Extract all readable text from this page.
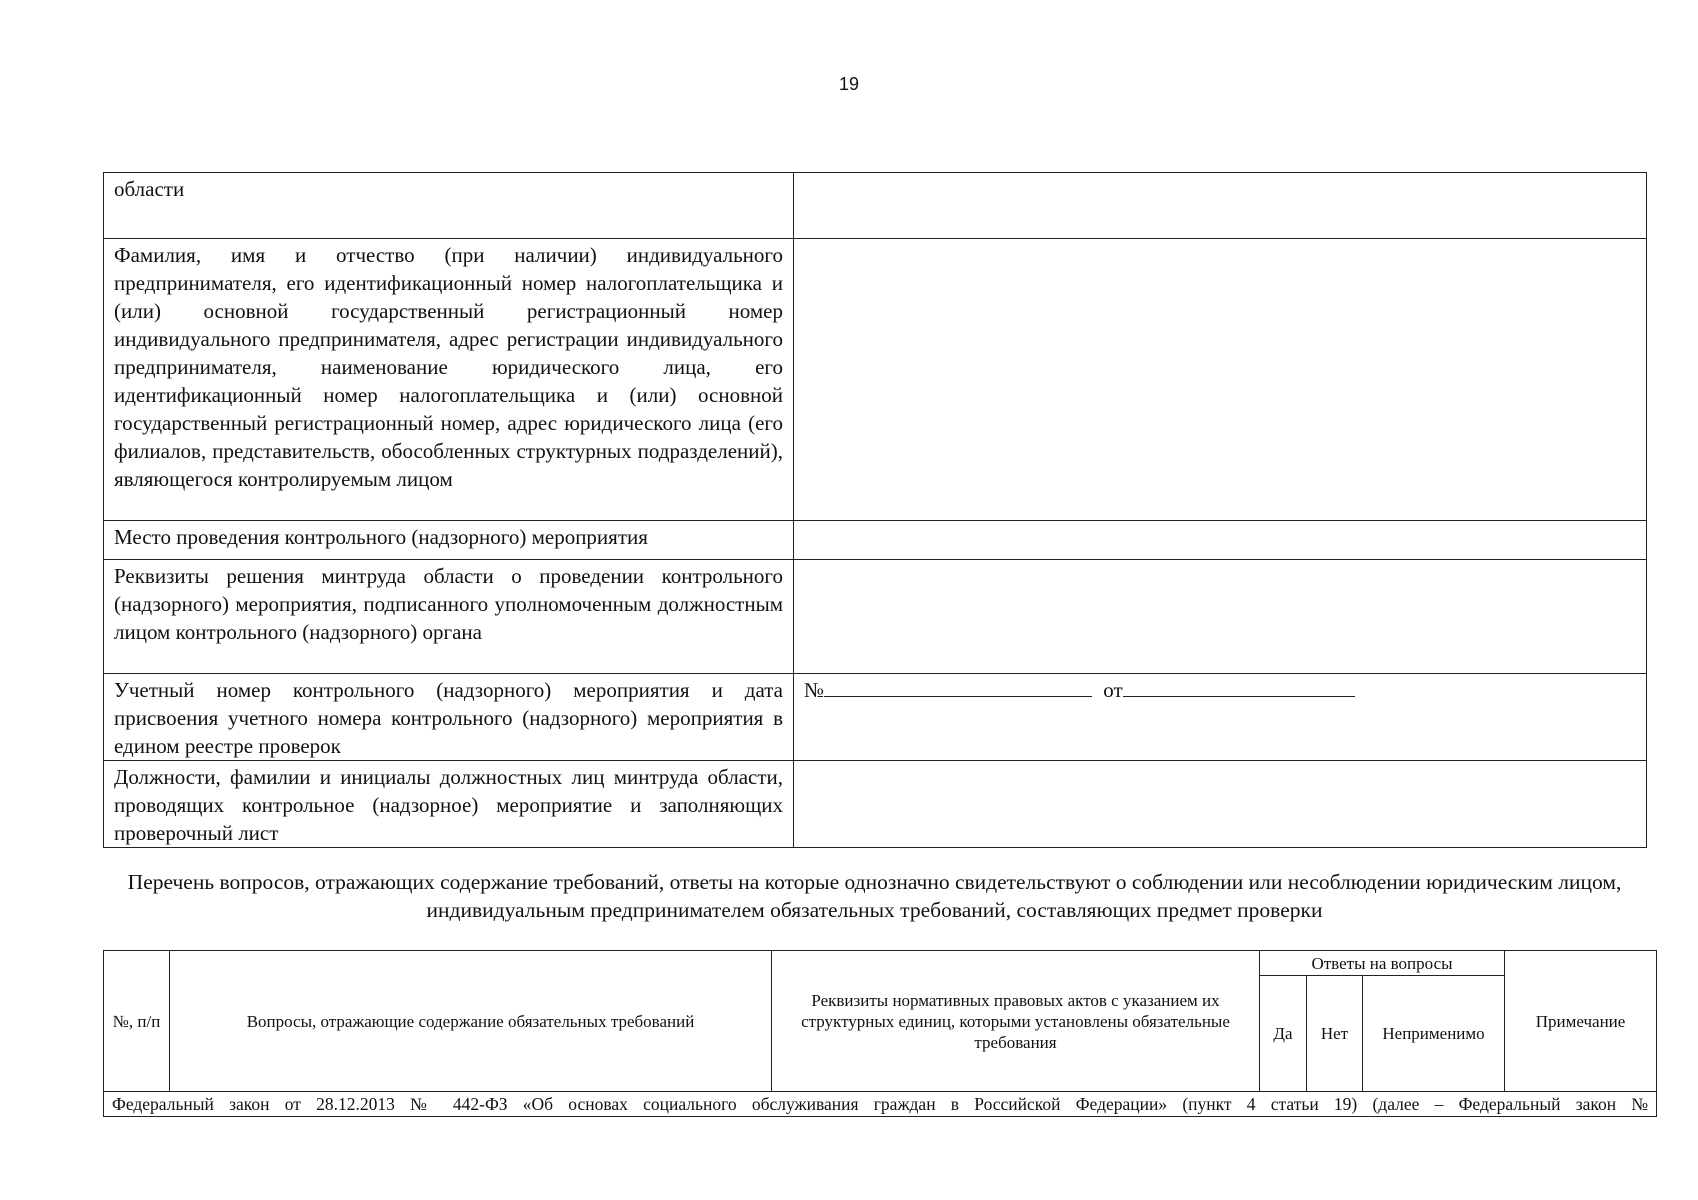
19
области	
Фамилия, имя и отчество (при наличии) индивидуального предпринимателя, его идентификационный номер налогоплательщика и (или) основной государственный регистрационный номер индивидуального предпринимателя, адрес регистрации индивидуального предпринимателя, наименование юридического лица, его идентификационный номер налогоплательщика и (или) основной государственный регистрационный номер, адрес юридического лица (его филиалов, представительств, обособленных структурных подразделений), являющегося контролируемым лицом	
Место проведения контрольного (надзорного) мероприятия	
Реквизиты решения минтруда области о проведении контрольного (надзорного) мероприятия, подписанного уполномоченным должностным лицом контрольного (надзорного) органа	
Учетный номер контрольного (надзорного) мероприятия и дата присвоения учетного номера контрольного (надзорного) мероприятия в едином реестре проверок	№ от
Должности, фамилии и инициалы должностных лиц минтруда области, проводящих контрольное (надзорное) мероприятие и заполняющих проверочный лист	
Перечень вопросов, отражающих содержание требований, ответы на которые однозначно свидетельствуют о соблюдении или несоблюдении юридическим лицом, индивидуальным предпринимателем обязательных требований, составляющих предмет проверки
№, п/п	Вопросы, отражающие содержание обязательных требований	Реквизиты нормативных правовых актов с указанием их структурных единиц, которыми установлены обязательные требования	Ответы на вопросы			Примечание
			Да	Нет	Неприменимо	
Федеральный закон от 28.12.2013 № 442-ФЗ «Об основах социального обслуживания граждан в Российской Федерации» (пункт 4 статьи 19) (далее – Федеральный закон №						
